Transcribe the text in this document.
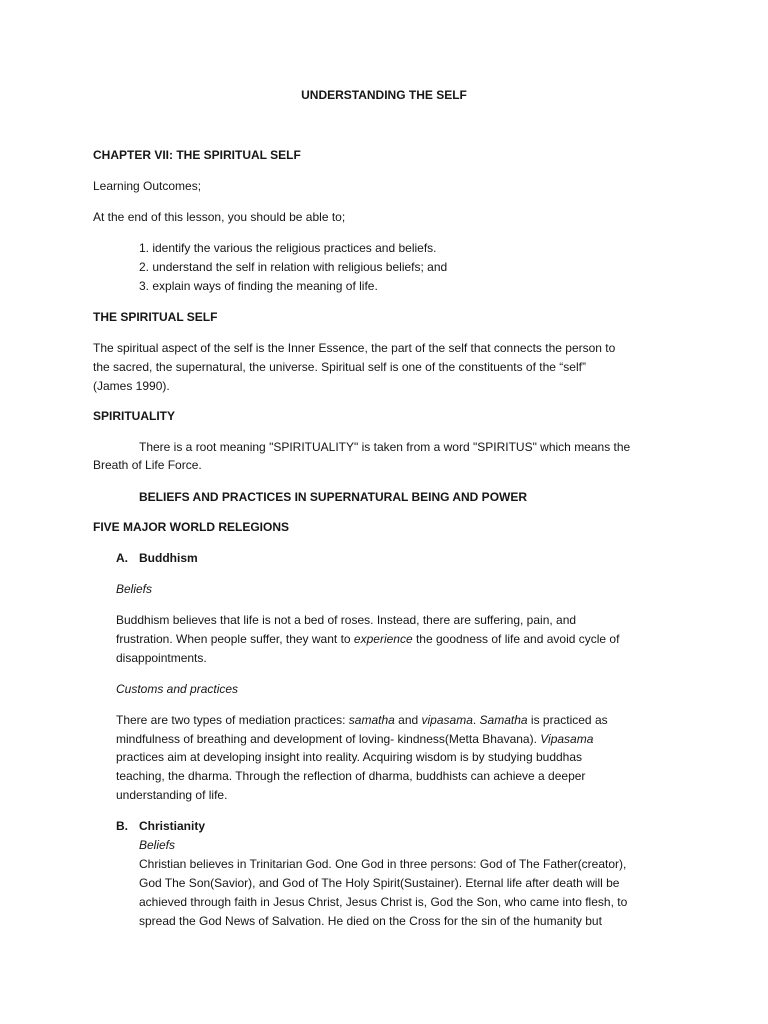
UNDERSTANDING THE SELF
CHAPTER VII: THE SPIRITUAL SELF
Learning Outcomes;
At the end of this lesson, you should be able to;
1. identify the various the religious practices and beliefs.
2. understand the self in relation with religious beliefs; and
3. explain ways of finding the meaning of life.
THE SPIRITUAL SELF
The spiritual aspect of the self is the Inner Essence, the part of the self that connects the person to
the sacred, the supernatural, the universe. Spiritual self is one of the constituents of the “self”
(James 1990).
SPIRITUALITY
There is a root meaning "SPIRITUALITY" is taken from a word "SPIRITUS" which means the
Breath of Life Force.
BELIEFS AND PRACTICES IN SUPERNATURAL BEING AND POWER
FIVE MAJOR WORLD RELEGIONS
A. Buddhism
Beliefs
Buddhism believes that life is not a bed of roses. Instead, there are suffering, pain, and
frustration. When people suffer, they want to experience the goodness of life and avoid cycle of
disappointments.
Customs and practices
There are two types of mediation practices: samatha and vipasama. Samatha is practiced as
mindfulness of breathing and development of loving- kindness(Metta Bhavana). Vipasama
practices aim at developing insight into reality. Acquiring wisdom is by studying buddhas
teaching, the dharma. Through the reflection of dharma, buddhists can achieve a deeper
understanding of life.
B. Christianity
Beliefs
Christian believes in Trinitarian God. One God in three persons: God of The Father(creator),
God The Son(Savior), and God of The Holy Spirit(Sustainer). Eternal life after death will be
achieved through faith in Jesus Christ, Jesus Christ is, God the Son, who came into flesh, to
spread the God News of Salvation. He died on the Cross for the sin of the humanity but
